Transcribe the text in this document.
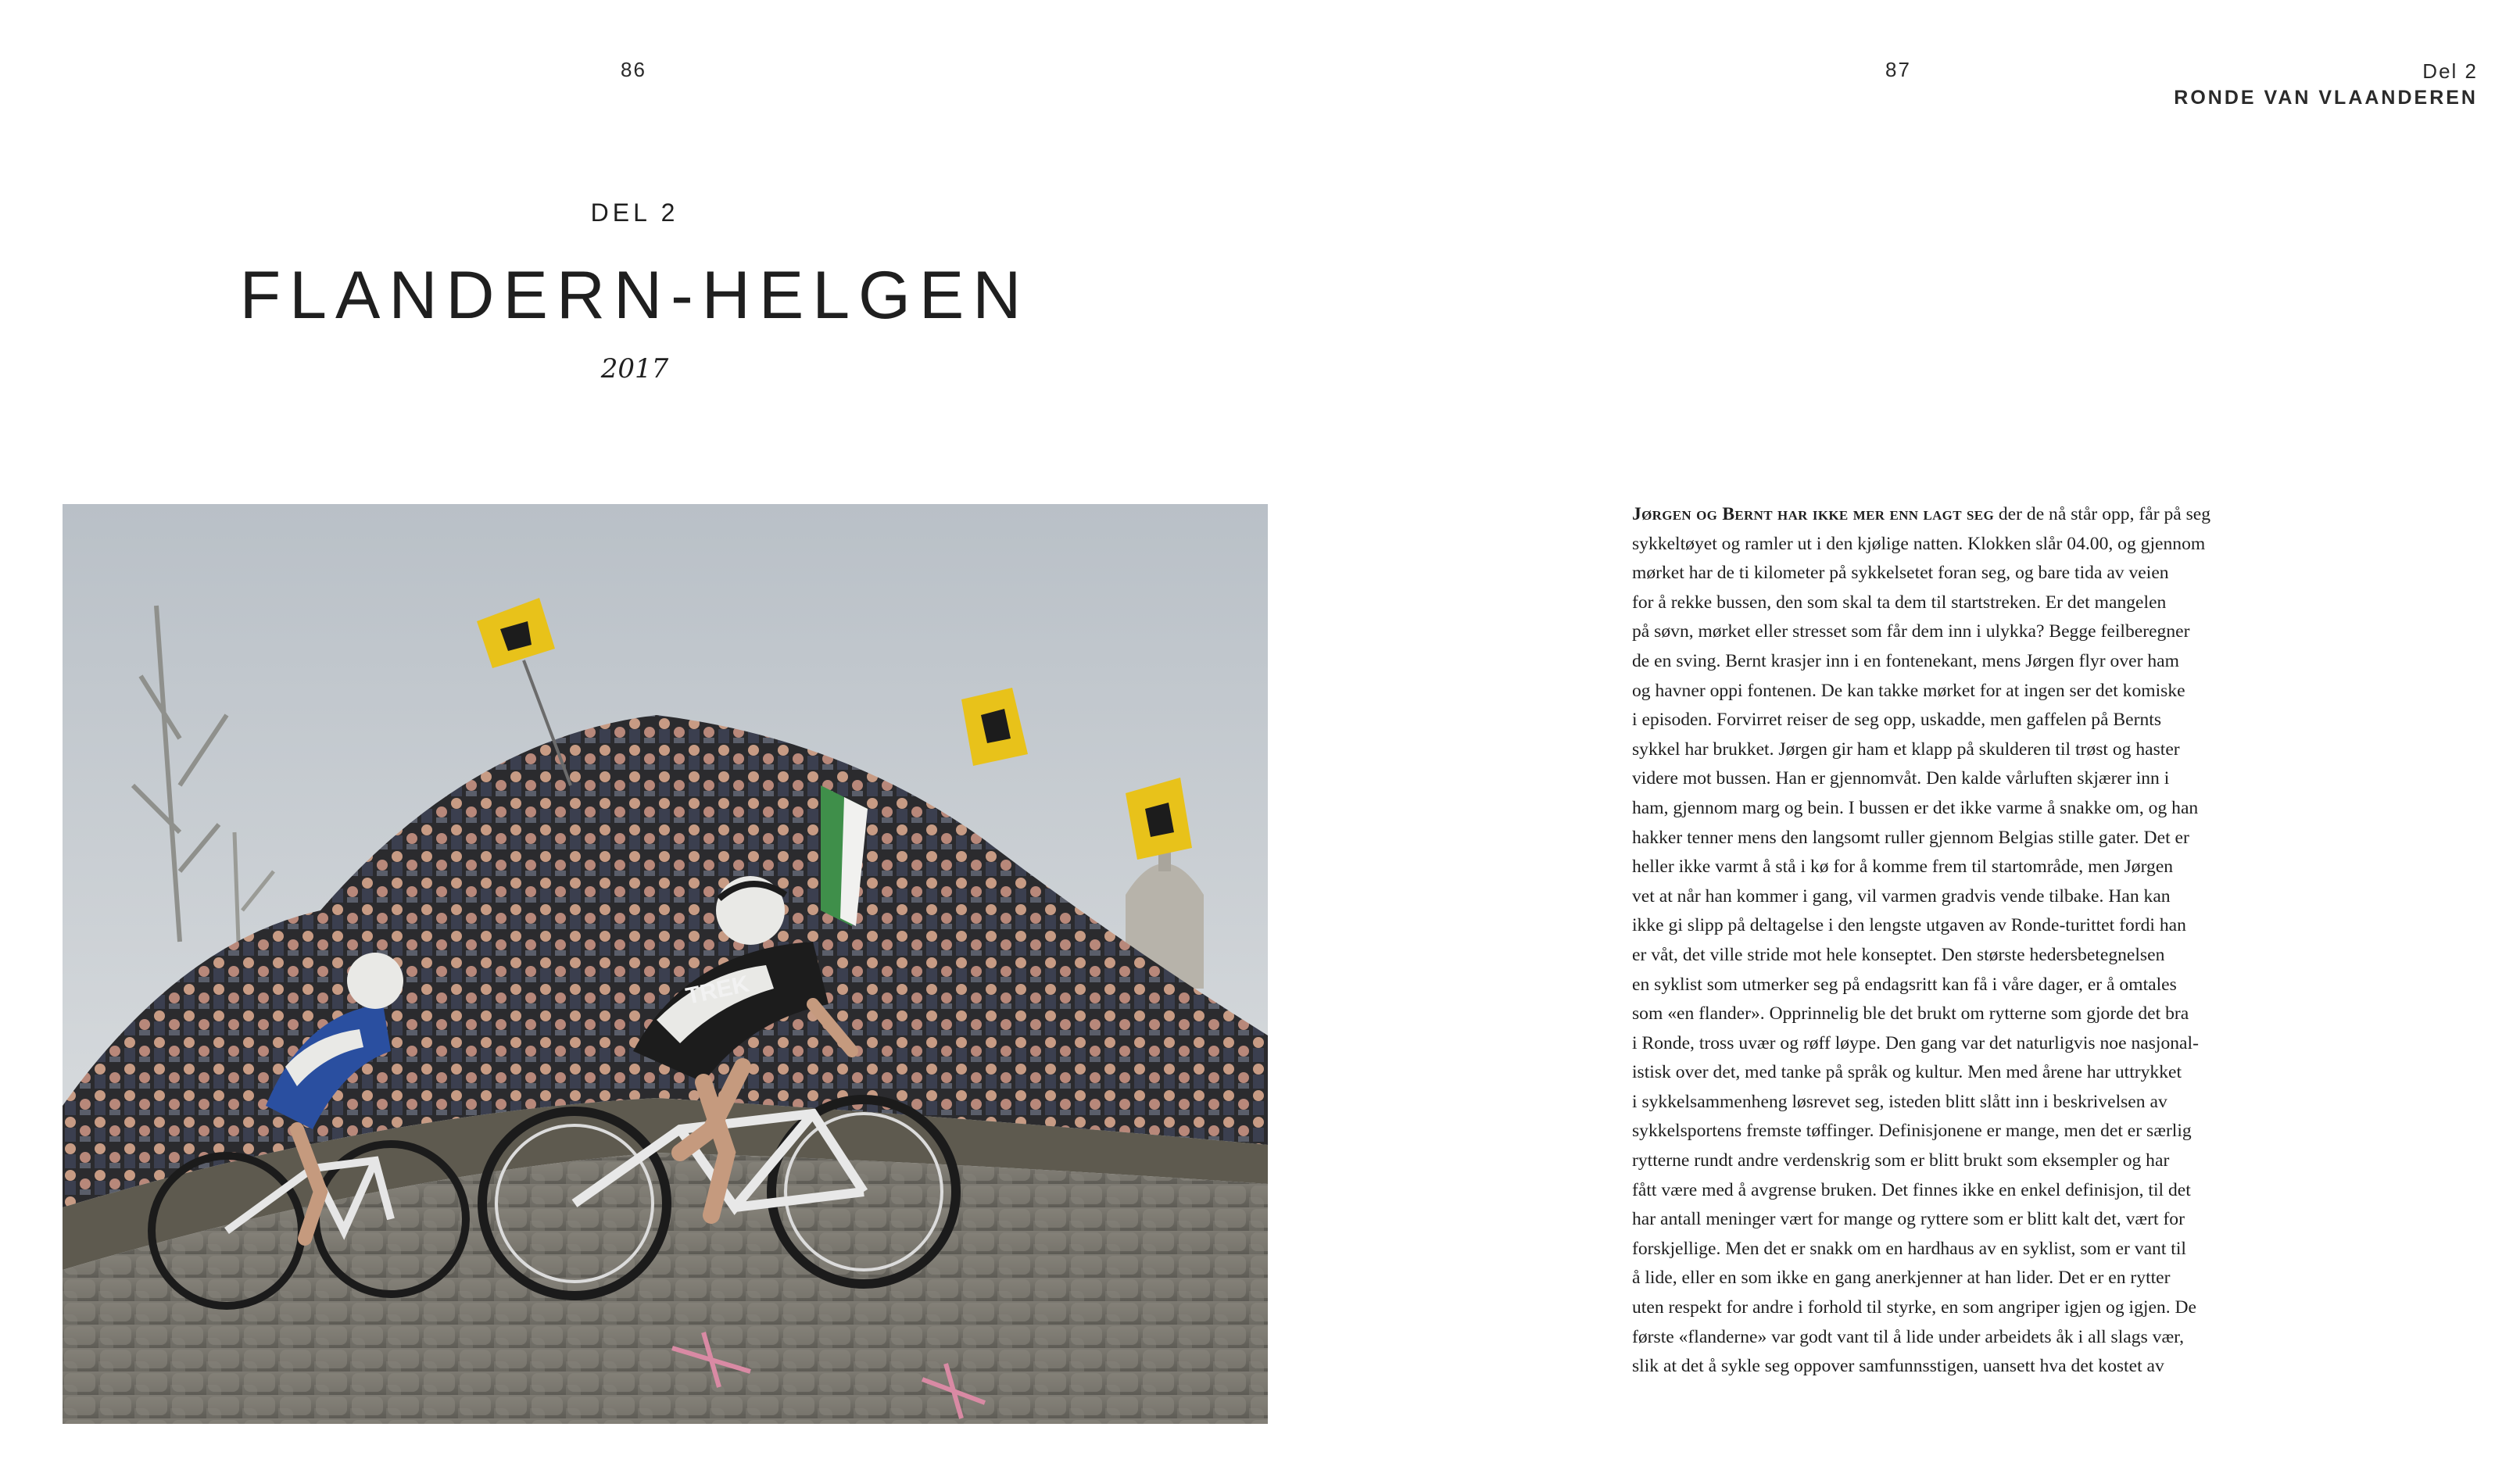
86
DEL 2
FLANDERN-HELGEN
2017
TREK
87	Del 2
RONDE VAN VLAANDEREN
Jørgen og Bernt har ikke mer enn lagt seg der de nå står opp, får på seg
sykkeltøyet og ramler ut i den kjølige natten. Klokken slår 04.00, og gjennom
mørket har de ti kilometer på sykkelsetet foran seg, og bare tida av veien
for å rekke bussen, den som skal ta dem til startstreken. Er det mangelen
på søvn, mørket eller stresset som får dem inn i ulykka? Begge feilberegner
de en sving. Bernt krasjer inn i en fontenekant, mens Jørgen flyr over ham
og havner oppi fontenen. De kan takke mørket for at ingen ser det komiske
i episoden. Forvirret reiser de seg opp, uskadde, men gaffelen på Bernts
sykkel har brukket. Jørgen gir ham et klapp på skulderen til trøst og haster
videre mot bussen. Han er gjennomvåt. Den kalde vårluften skjærer inn i
ham, gjennom marg og bein. I bussen er det ikke varme å snakke om, og han
hakker tenner mens den langsomt ruller gjennom Belgias stille gater. Det er
heller ikke varmt å stå i kø for å komme frem til startområde, men Jørgen
vet at når han kommer i gang, vil varmen gradvis vende tilbake. Han kan
ikke gi slipp på deltagelse i den lengste utgaven av Ronde-turittet fordi han
er våt, det ville stride mot hele konseptet. Den største hedersbetegnelsen
en syklist som utmerker seg på endagsritt kan få i våre dager, er å omtales
som «en flander». Opprinnelig ble det brukt om rytterne som gjorde det bra
i Ronde, tross uvær og røff løype. Den gang var det naturligvis noe nasjonal-
istisk over det, med tanke på språk og kultur. Men med årene har uttrykket
i sykkelsammenheng løsrevet seg, isteden blitt slått inn i beskrivelsen av
sykkelsportens fremste tøffinger. Definisjonene er mange, men det er særlig
rytterne rundt andre verdenskrig som er blitt brukt som eksempler og har
fått være med å avgrense bruken. Det finnes ikke en enkel definisjon, til det
har antall meninger vært for mange og ryttere som er blitt kalt det, vært for
forskjellige. Men det er snakk om en hardhaus av en syklist, som er vant til
å lide, eller en som ikke en gang anerkjenner at han lider. Det er en rytter
uten respekt for andre i forhold til styrke, en som angriper igjen og igjen. De
første «flanderne» var godt vant til å lide under arbeidets åk i all slags vær,
slik at det å sykle seg oppover samfunnsstigen, uansett hva det kostet av
